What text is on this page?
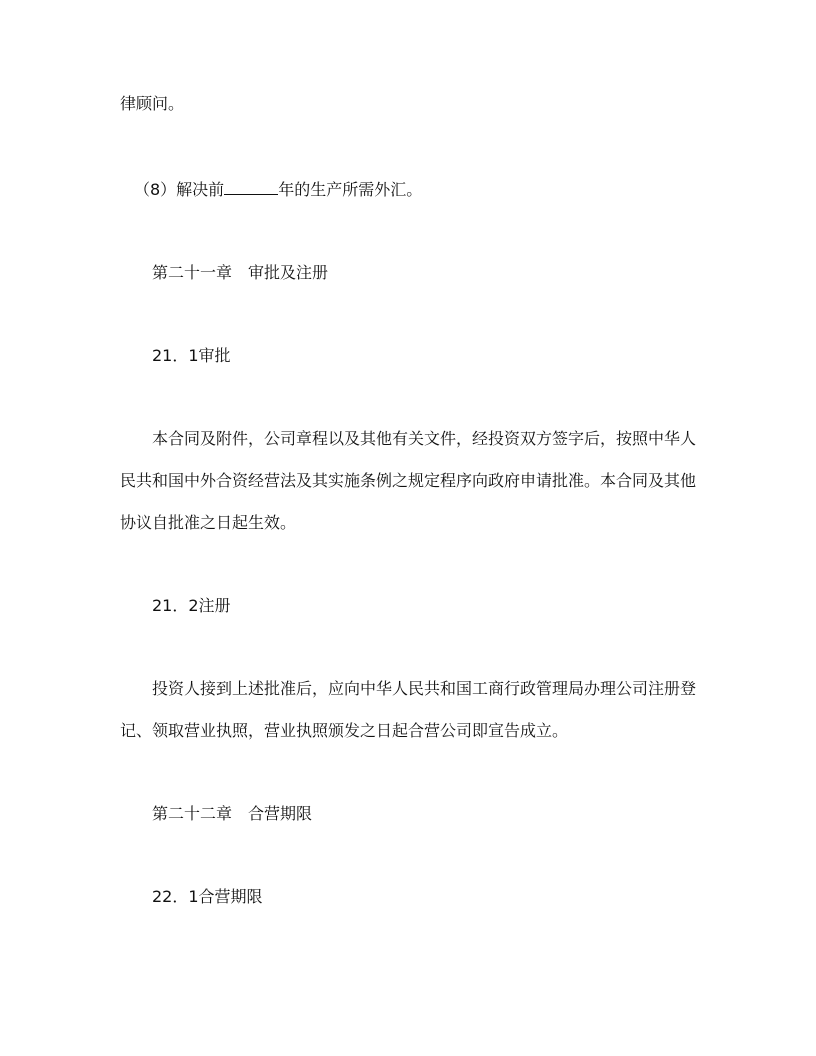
律顾问。
（8）解决前	年的生产所需外汇。
第二十一章 审批及注册
21．1审批
本合同及附件，公司章程以及其他有关文件，经投资双方签字后，按照中华人
民共和国中外合资经营法及其实施条例之规定程序向政府申请批准。本合同及其他
协议自批准之日起生效。
21．2注册
投资人接到上述批准后，应向中华人民共和国工商行政管理局办理公司注册登
记、领取营业执照，营业执照颁发之日起合营公司即宣告成立。
第二十二章 合营期限
22．1合营期限
